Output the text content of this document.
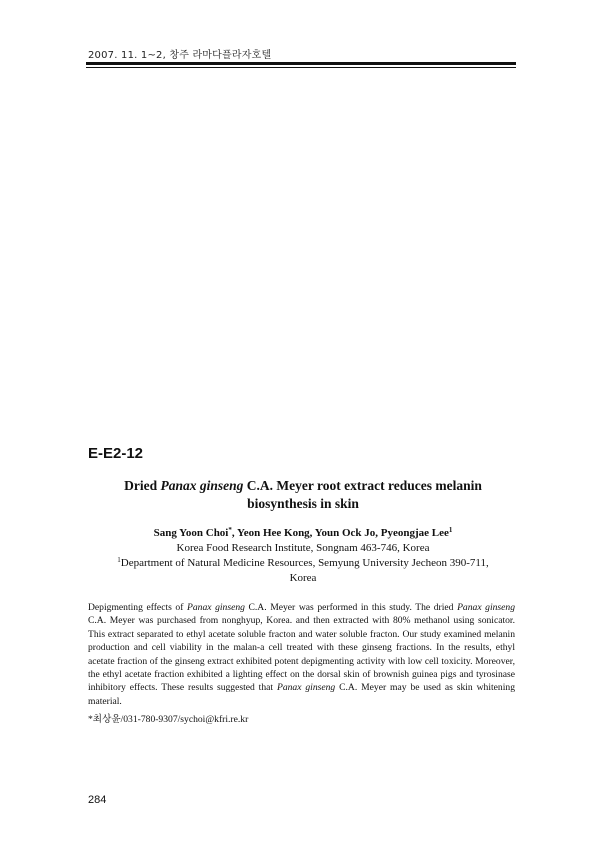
2007. 11. 1~2, 창주 라마다플라자호텔
E-E2-12
Dried Panax ginseng C.A. Meyer root extract reduces melanin
biosynthesis in skin
Sang Yoon Choi*, Yeon Hee Kong, Youn Ock Jo, Pyeongjae Lee$^1$
Korea Food Research Institute, Songnam 463-746, Korea
$^1$Department of Natural Medicine Resources, Semyung University Jecheon 390-711,
Korea
Depigmenting effects of Panax ginseng C.A. Meyer was performed in this study. The dried Panax ginseng C.A. Meyer was purchased from nonghyup, Korea. and then extracted with 80% methanol using sonicator. This extract separated to ethyl acetate soluble fracton and water soluble fracton. Our study examined melanin production and cell viability in the malan-a cell treated with these ginseng fractions. In the results, ethyl acetate fraction of the ginseng extract exhibited potent depigmenting activity with low cell toxicity. Moreover, the ethyl acetate fraction exhibited a lighting effect on the dorsal skin of brownish guinea pigs and tyrosinase inhibitory effects. These results suggested that Panax ginseng C.A. Meyer may be used as skin whitening material.
*최상윤/031-780-9307/sychoi@kfri.re.kr
284
